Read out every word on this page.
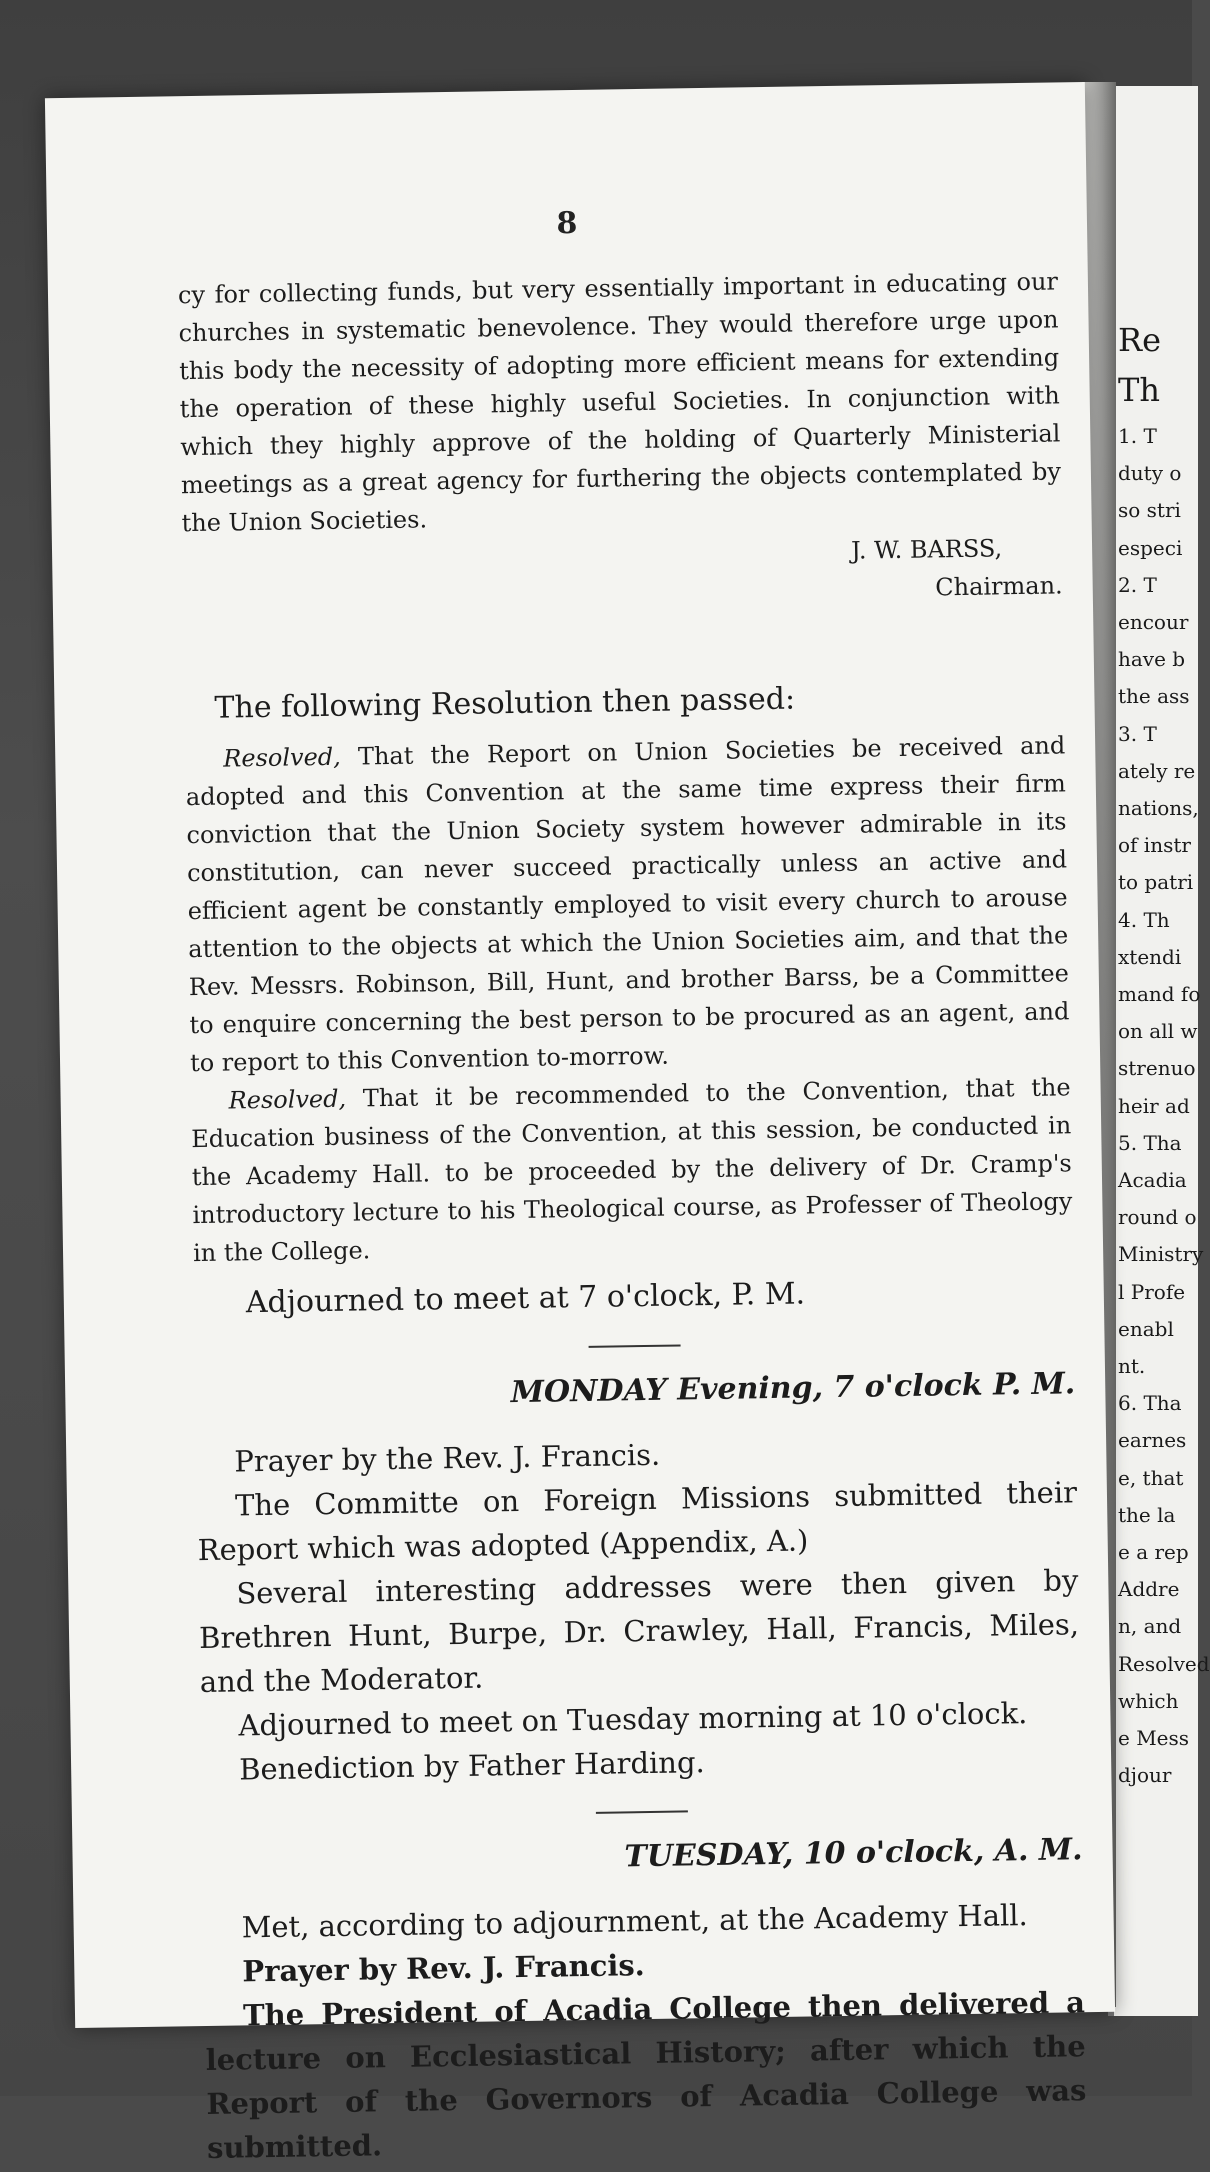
Re
Th
1. T
duty o
so stri
especi
2. T
encour
have b
the ass
3. T
ately re
nations,
of instr
to patri
4. Th
xtendi
mand fo
on all w
strenuo
heir ad
5. Tha
Acadia
round o
Ministry
l Profe
enabl
nt.
6. Tha
earnes
e, that
the la
e a rep
Addre
n, and
Resolved
which
e Mess
djour
8

cy for collecting funds, but very essentially important in educating our churches in systematic benevolence. They would therefore urge upon this body the necessity of adopting more efficient means for extending the operation of these highly useful Societies. In conjunction with which they highly approve of the holding of Quarterly Ministerial meetings as a great agency for furthering the objects contemplated by the Union Societies.

J. W. BARSS,
Chairman.
The following Resolution then passed:

Resolved, That the Report on Union Societies be received and adopted and this Convention at the same time express their firm conviction that the Union Society system however admirable in its constitution, can never succeed practically unless an active and efficient agent be constantly employed to visit every church to arouse attention to the objects at which the Union Societies aim, and that the Rev. Messrs. Robinson, Bill, Hunt, and brother Barss, be a Committee to enquire concerning the best person to be procured as an agent, and to report to this Convention to-morrow.

Resolved, That it be recommended to the Convention, that the Education business of the Convention, at this session, be conducted in the Academy Hall. to be proceeded by the delivery of Dr. Cramp's introductory lecture to his Theological course, as Professer of Theology in the College.

Adjourned to meet at 7 o'clock, P. M.
MONDAY Evening, 7 o'clock P. M.

Prayer by the Rev. J. Francis.

The Committe on Foreign Missions submitted their Report which was adopted (Appendix, A.)

Several interesting addresses were then given by Brethren Hunt, Burpe, Dr. Crawley, Hall, Francis, Miles, and the Moderator.

Adjourned to meet on Tuesday morning at 10 o'clock.

Benediction by Father Harding.

TUESDAY, 10 o'clock, A. M.

Met, according to adjournment, at the Academy Hall.

Prayer by Rev. J. Francis.

The President of Acadia College then delivered a lecture on Ecclesiastical History; after which the Report of the Governors of Acadia College was submitted.
